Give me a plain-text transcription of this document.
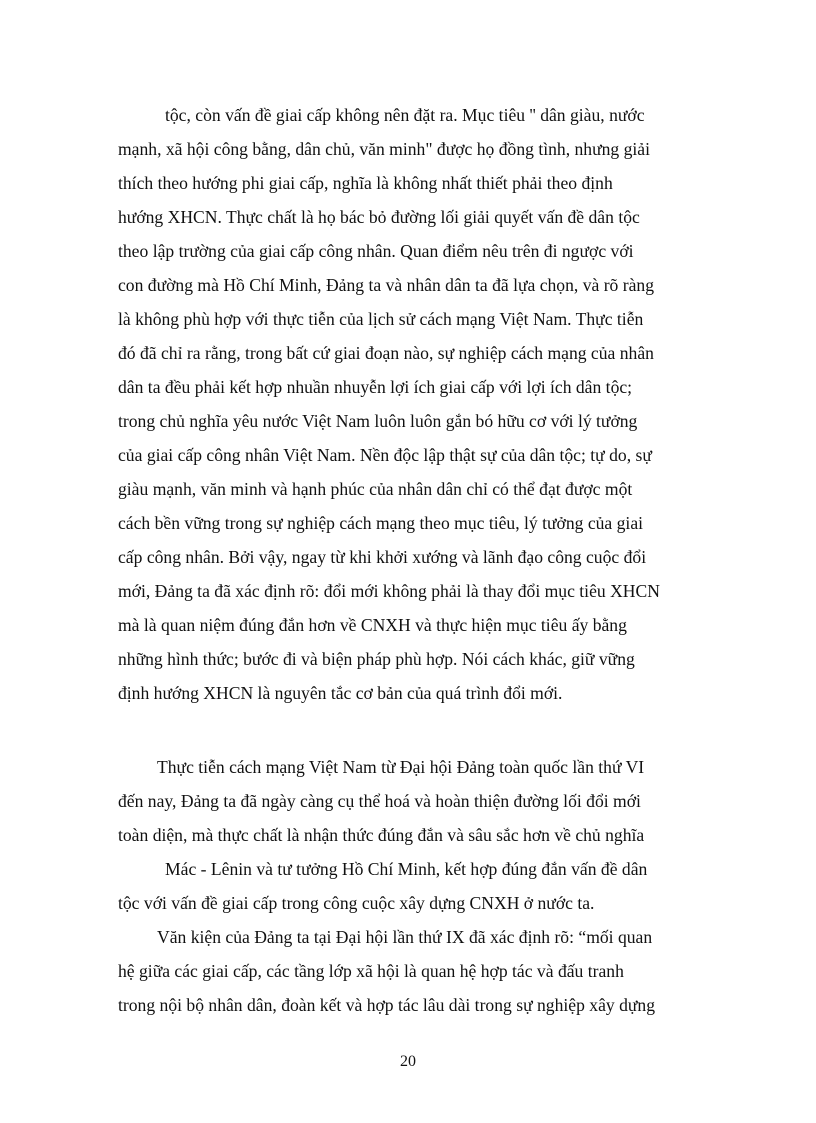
tộc, còn vấn đề giai cấp không nên đặt ra. Mục tiêu '' dân giàu, nước
mạnh, xã hội công bằng, dân chủ, văn minh" được họ đồng tình, nhưng giải
thích theo hướng phi giai cấp, nghĩa là không nhất thiết phải theo định
hướng XHCN. Thực chất là họ bác bỏ đường lối giải quyết vấn đề dân tộc
theo lập trường của giai cấp công nhân. Quan điểm nêu trên đi ngược với
con đường mà Hồ Chí Minh, Đảng ta và nhân dân ta đã lựa chọn, và rõ ràng
là không phù hợp với thực tiễn của lịch sử cách mạng Việt Nam. Thực tiễn
đó đã chỉ ra rằng, trong bất cứ giai đoạn nào, sự nghiệp cách mạng của nhân
dân ta đều phải kết hợp nhuần nhuyễn lợi ích giai cấp với lợi ích dân tộc;
trong chủ nghĩa yêu nước Việt Nam luôn luôn gắn bó hữu cơ với lý tưởng
của giai cấp công nhân Việt Nam. Nền độc lập thật sự của dân tộc; tự do, sự
giàu mạnh, văn minh và hạnh phúc của nhân dân chỉ có thể đạt được một
cách bền vững trong sự nghiệp cách mạng theo mục tiêu, lý tưởng của giai
cấp công nhân. Bởi vậy, ngay từ khi khởi xướng và lãnh đạo công cuộc đổi
mới, Đảng ta đã xác định rõ: đổi mới không phải là thay đổi mục tiêu XHCN
mà là quan niệm đúng đắn hơn về CNXH và thực hiện mục tiêu ấy bằng
những hình thức; bước đi và biện pháp phù hợp. Nói cách khác, giữ vững
định hướng XHCN là nguyên tắc cơ bản của quá trình đổi mới.
Thực tiễn cách mạng Việt Nam từ Đại hội Đảng toàn quốc lần thứ VI
đến nay, Đảng ta đã ngày càng cụ thể hoá và hoàn thiện đường lối đổi mới
toàn diện, mà thực chất là nhận thức đúng đắn và sâu sắc hơn về chủ nghĩa
Mác - Lênin và tư tưởng Hồ Chí Minh, kết hợp đúng đắn vấn đề dân
tộc với vấn đề giai cấp trong công cuộc xây dựng CNXH ở nước ta.
Văn kiện của Đảng ta tại Đại hội lần thứ IX đã xác định rõ: “mối quan
hệ giữa các giai cấp, các tầng lớp xã hội là quan hệ hợp tác và đấu tranh
trong nội bộ nhân dân, đoàn kết và hợp tác lâu dài trong sự nghiệp xây dựng
20
